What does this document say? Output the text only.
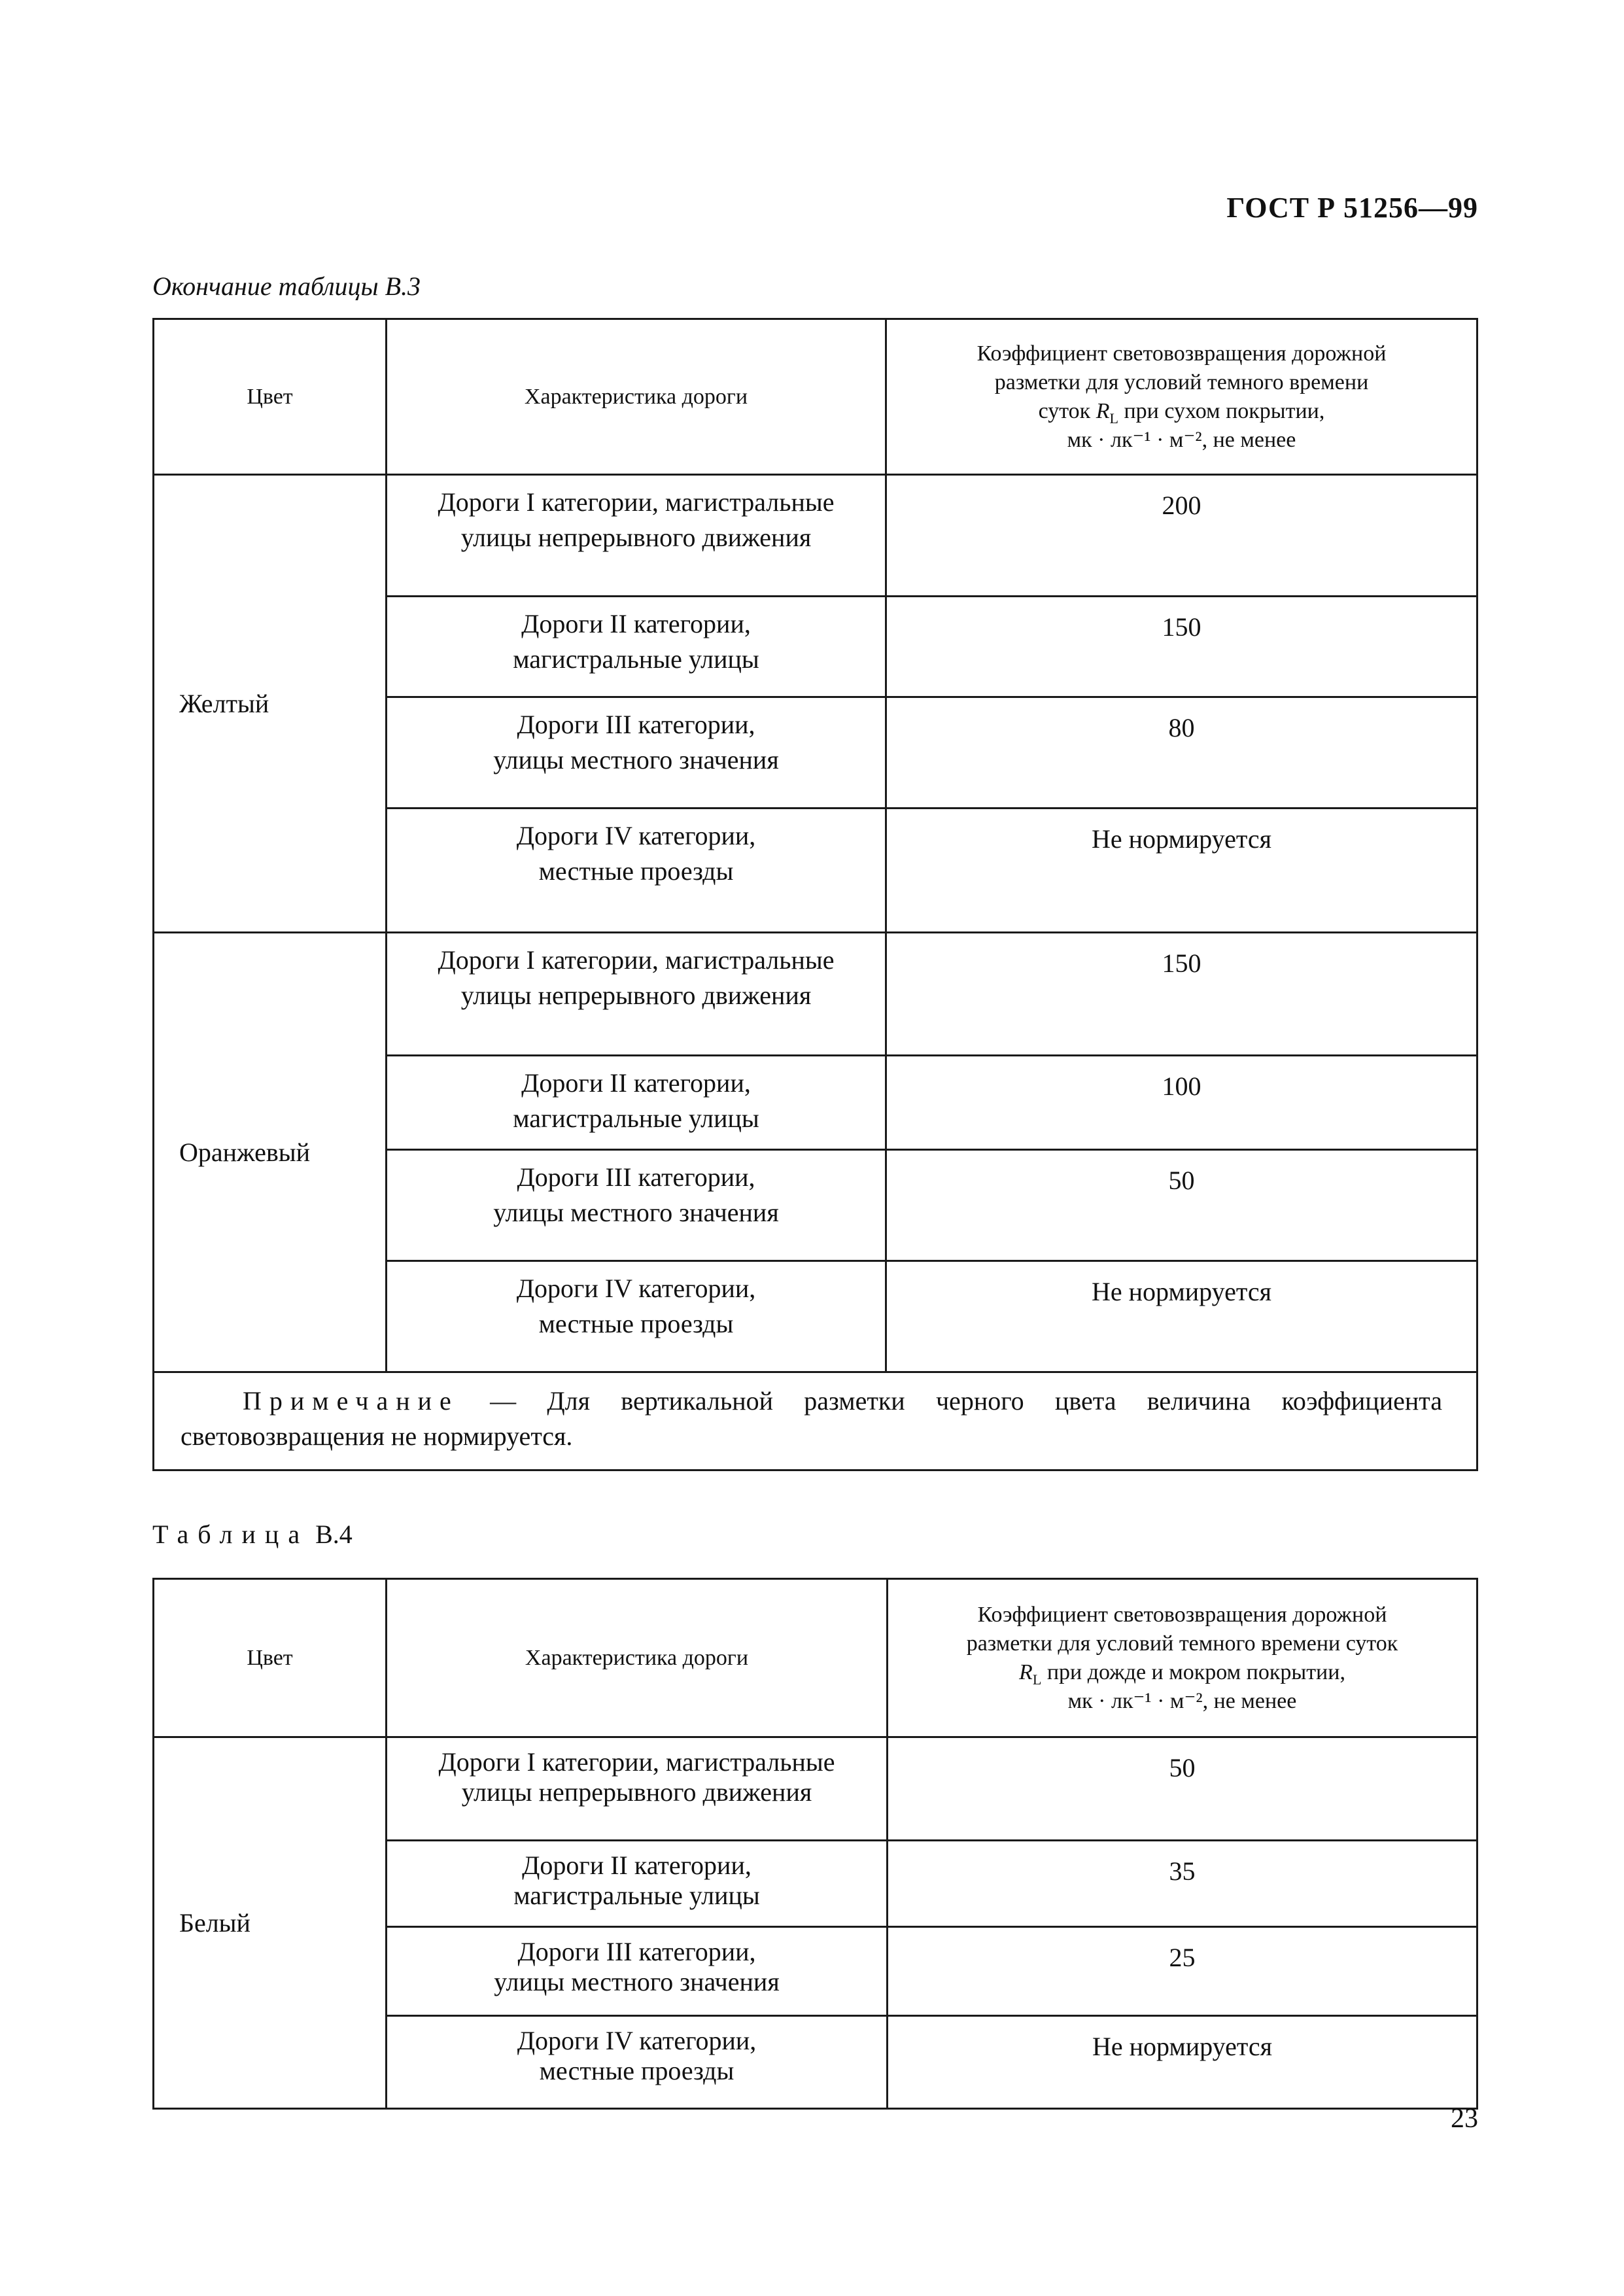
ГОСТ Р 51256—99
Окончание таблицы В.3
Цвет	Характеристика дороги	Коэффициент световозвращения дорожной
разметки для условий темного времени
суток $R_L$ при сухом покрытии,
мк · лк⁻¹ · м⁻², не менее

Желтый	Дороги I категории, магистральные
улицы непрерывного движения	200

	Дороги II категории,
магистральные улицы	150

	Дороги III категории,
улицы местного значения	80

	Дороги IV категории,
местные проезды	Не нормируется
Оранжевый	Дороги I категории, магистральные
улицы непрерывного движения	150

	Дороги II категории,
магистральные улицы	100

	Дороги III категории,
улицы местного значения	50

	Дороги IV категории,
местные проезды	Не нормируется

Примечание — Для вертикальной разметки черного цвета величина коэффициента световозвращения не нормируется.		
Таблица В.4
Цвет	Характеристика дороги	Коэффициент световозвращения дорожной
разметки для условий темного времени суток
$R_L$ при дожде и мокром покрытии,
мк · лк⁻¹ · м⁻², не менее

Белый	Дороги I категории, магистральные
улицы непрерывного движения	50

	Дороги II категории,
магистральные улицы	35

	Дороги III категории,
улицы местного значения	25

	Дороги IV категории,
местные проезды	Не нормируется
23
